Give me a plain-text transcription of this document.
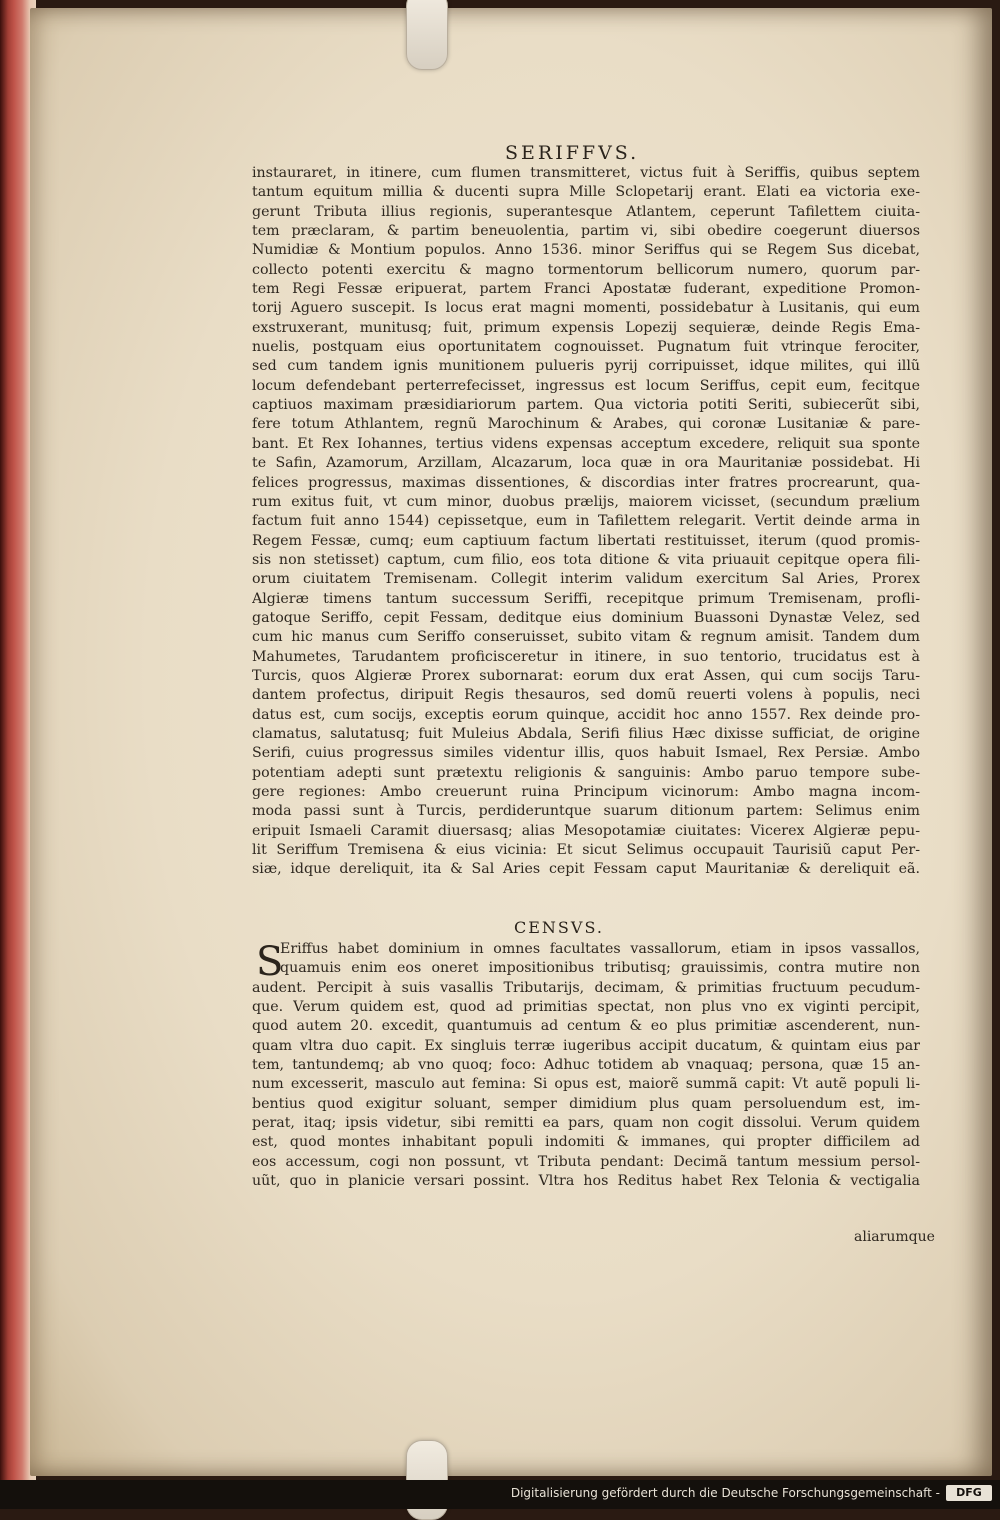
SERIFFVS.
instauraret, in itinere, cum flumen transmitteret, victus fuit à Seriffis, quibus septem
tantum equitum millia & ducenti supra Mille Sclopetarij erant. Elati ea victoria exe-
gerunt Tributa illius regionis, superantesque Atlantem, ceperunt Tafilettem ciuita-
tem præclaram, & partim beneuolentia, partim vi, sibi obedire coegerunt diuersos
Numidiæ & Montium populos. Anno 1536. minor Seriffus qui se Regem Sus dicebat,
collecto potenti exercitu & magno tormentorum bellicorum numero, quorum par-
tem Regi Fessæ eripuerat, partem Franci Apostatæ fuderant, expeditione Promon-
torij Aguero suscepit. Is locus erat magni momenti, possidebatur à Lusitanis, qui eum
exstruxerant, munitusq; fuit, primum expensis Lopezij sequieræ, deinde Regis Ema-
nuelis, postquam eius oportunitatem cognouisset. Pugnatum fuit vtrinque ferociter,
sed cum tandem ignis munitionem pulueris pyrij corripuisset, idque milites, qui illũ
locum defendebant perterrefecisset, ingressus est locum Seriffus, cepit eum, fecitque
captiuos maximam præsidiariorum partem. Qua victoria potiti Seriti, subiecerũt sibi,
fere totum Athlantem, regnũ Marochinum & Arabes, qui coronæ Lusitaniæ & pare-
bant. Et Rex Iohannes, tertius videns expensas acceptum excedere, reliquit sua sponte
te Safin, Azamorum, Arzillam, Alcazarum, loca quæ in ora Mauritaniæ possidebat. Hi
felices progressus, maximas dissentiones, & discordias inter fratres procrearunt, qua-
rum exitus fuit, vt cum minor, duobus prælijs, maiorem vicisset, (secundum prælium
factum fuit anno 1544) cepissetque, eum in Tafilettem relegarit. Vertit deinde arma in
Regem Fessæ, cumq; eum captiuum factum libertati restituisset, iterum (quod promis-
sis non stetisset) captum, cum filio, eos tota ditione & vita priuauit cepitque opera fili-
orum ciuitatem Tremisenam. Collegit interim validum exercitum Sal Aries, Prorex
Algieræ timens tantum successum Seriffi, recepitque primum Tremisenam, profli-
gatoque Seriffo, cepit Fessam, deditque eius dominium Buassoni Dynastæ Velez, sed
cum hic manus cum Seriffo conseruisset, subito vitam & regnum amisit. Tandem dum
Mahumetes, Tarudantem proficisceretur in itinere, in suo tentorio, trucidatus est à
Turcis, quos Algieræ Prorex subornarat: eorum dux erat Assen, qui cum socijs Taru-
dantem profectus, diripuit Regis thesauros, sed domũ reuerti volens à populis, neci
datus est, cum socijs, exceptis eorum quinque, accidit hoc anno 1557. Rex deinde pro-
clamatus, salutatusq; fuit Muleius Abdala, Serifi filius Hæc dixisse sufficiat, de origine
Serifi, cuius progressus similes videntur illis, quos habuit Ismael, Rex Persiæ. Ambo
potentiam adepti sunt prætextu religionis & sanguinis: Ambo paruo tempore sube-
gere regiones: Ambo creuerunt ruina Principum vicinorum: Ambo magna incom-
moda passi sunt à Turcis, perdideruntque suarum ditionum partem: Selimus enim
eripuit Ismaeli Caramit diuersasq; alias Mesopotamiæ ciuitates: Vicerex Algieræ pepu-
lit Seriffum Tremisena & eius vicinia: Et sicut Selimus occupauit Taurisiũ caput Per-
siæ, idque dereliquit, ita & Sal Aries cepit Fessam caput Mauritaniæ & dereliquit eã.
CENSVS.
S
Eriffus habet dominium in omnes facultates vassallorum, etiam in ipsos vassallos,
quamuis enim eos oneret impositionibus tributisq; grauissimis, contra mutire non
audent. Percipit à suis vasallis Tributarijs, decimam, & primitias fructuum pecudum-
que. Verum quidem est, quod ad primitias spectat, non plus vno ex viginti percipit,
quod autem 20. excedit, quantumuis ad centum & eo plus primitiæ ascenderent, nun-
quam vltra duo capit. Ex singluis terræ iugeribus accipit ducatum, & quintam eius par
tem, tantundemq; ab vno quoq; foco: Adhuc totidem ab vnaquaq; persona, quæ 15 an-
num excesserit, masculo aut femina: Si opus est, maiorẽ summã capit: Vt autẽ populi li-
bentius quod exigitur soluant, semper dimidium plus quam persoluendum est, im-
perat, itaq; ipsis videtur, sibi remitti ea pars, quam non cogit dissolui. Verum quidem
est, quod montes inhabitant populi indomiti & immanes, qui propter difficilem ad
eos accessum, cogi non possunt, vt Tributa pendant: Decimã tantum messium persol-
uũt, quo in planicie versari possint. Vltra hos Reditus habet Rex Telonia & vectigalia
aliarumque
Digitalisierung gefördert durch die Deutsche Forschungsgemeinschaft -	DFG
